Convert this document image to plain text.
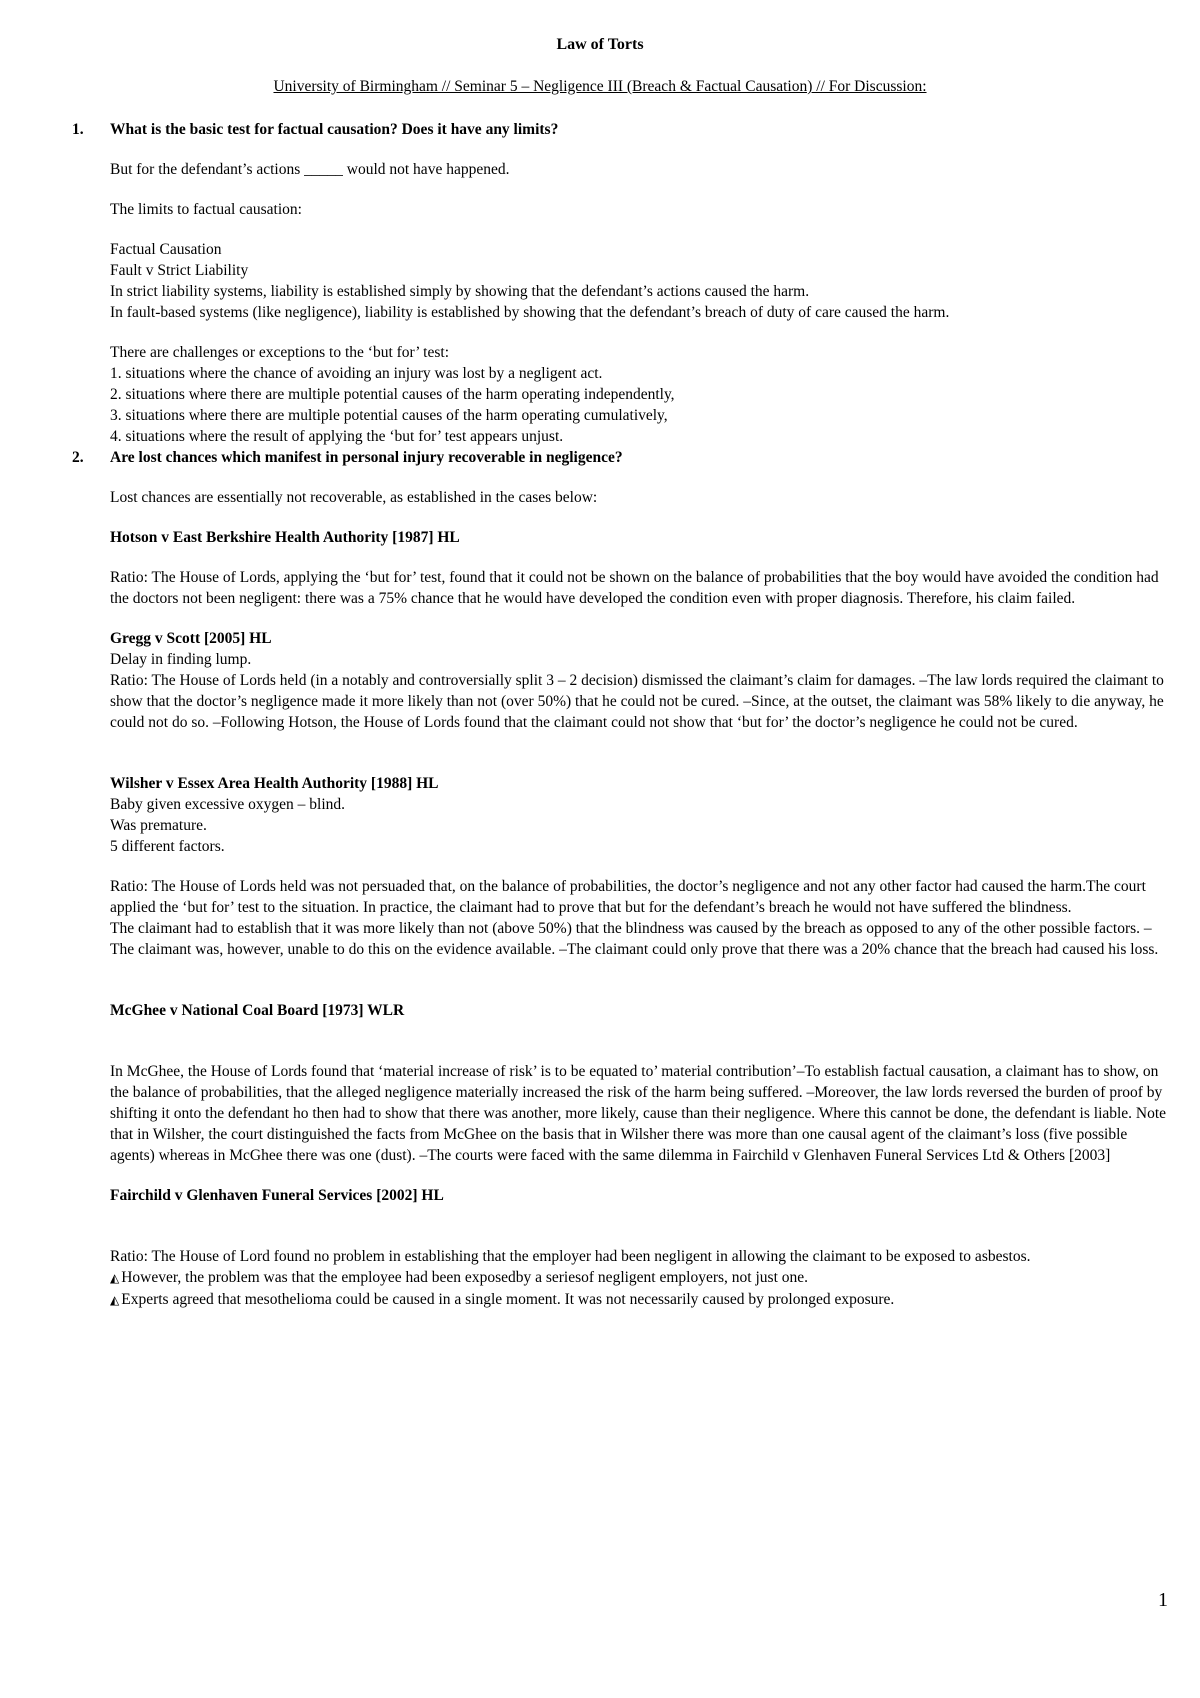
Law of Torts
University of Birmingham // Seminar 5 – Negligence III (Breach & Factual Causation) // For Discussion:
1. What is the basic test for factual causation? Does it have any limits?

But for the defendant’s actions _____ would not have happened.

The limits to factual causation:

Factual Causation

Fault v Strict Liability

In strict liability systems, liability is established simply by showing that the defendant’s actions caused the harm.

In fault-based systems (like negligence), liability is established by showing that the defendant’s breach of duty of care caused the harm.

There are challenges or exceptions to the ‘but for’ test:

1. situations where the chance of avoiding an injury was lost by a negligent act.

2. situations where there are multiple potential causes of the harm operating independently,

3. situations where there are multiple potential causes of the harm operating cumulatively,

4. situations where the result of applying the ‘but for’ test appears unjust.

2. Are lost chances which manifest in personal injury recoverable in negligence?

Lost chances are essentially not recoverable, as established in the cases below:

Hotson v East Berkshire Health Authority [1987] HL

Ratio: The House of Lords, applying the ‘but for’ test, found that it could not be shown on the balance of probabilities that the boy would have avoided the condition had the doctors not been negligent: there was a 75% chance that he would have developed the condition even with proper diagnosis. Therefore, his claim failed.

Gregg v Scott [2005] HL

Delay in finding lump.

Ratio: The House of Lords held (in a notably and controversially split 3 – 2 decision) dismissed the claimant’s claim for damages. –The law lords required the claimant to show that the doctor’s negligence made it more likely than not (over 50%) that he could not be cured. –Since, at the outset, the claimant was 58% likely to die anyway, he could not do so. –Following Hotson, the House of Lords found that the claimant could not show that ‘but for’ the doctor’s negligence he could not be cured.

Wilsher v Essex Area Health Authority [1988] HL

Baby given excessive oxygen – blind.

Was premature.

5 different factors.

Ratio: The House of Lords held was not persuaded that, on the balance of probabilities, the doctor’s negligence and not any other factor had caused the harm.The court applied the ‘but for’ test to the situation. In practice, the claimant had to prove that but for the defendant’s breach he would not have suffered the blindness.

The claimant had to establish that it was more likely than not (above 50%) that the blindness was caused by the breach as opposed to any of the other possible factors. –The claimant was, however, unable to do this on the evidence available. –The claimant could only prove that there was a 20% chance that the breach had caused his loss.

McGhee v National Coal Board [1973] WLR

In McGhee, the House of Lords found that ‘material increase of risk’ is to be equated to’ material contribution’–To establish factual causation, a claimant has to show, on the balance of probabilities, that the alleged negligence materially increased the risk of the harm being suffered. –Moreover, the law lords reversed the burden of proof by shifting it onto the defendant ho then had to show that there was another, more likely, cause than their negligence. Where this cannot be done, the defendant is liable. Note that in Wilsher, the court distinguished the facts from McGhee on the basis that in Wilsher there was more than one causal agent of the claimant’s loss (five possible agents) whereas in McGhee there was one (dust). –The courts were faced with the same dilemma in Fairchild v Glenhaven Funeral Services Ltd & Others [2003]

Fairchild v Glenhaven Funeral Services [2002] HL

Ratio: The House of Lord found no problem in establishing that the employer had been negligent in allowing the claimant to be exposed to asbestos.

◭ However, the problem was that the employee had been exposedby a seriesof negligent employers, not just one.

◭ Experts agreed that mesothelioma could be caused in a single moment. It was not necessarily caused by prolonged exposure.

1
